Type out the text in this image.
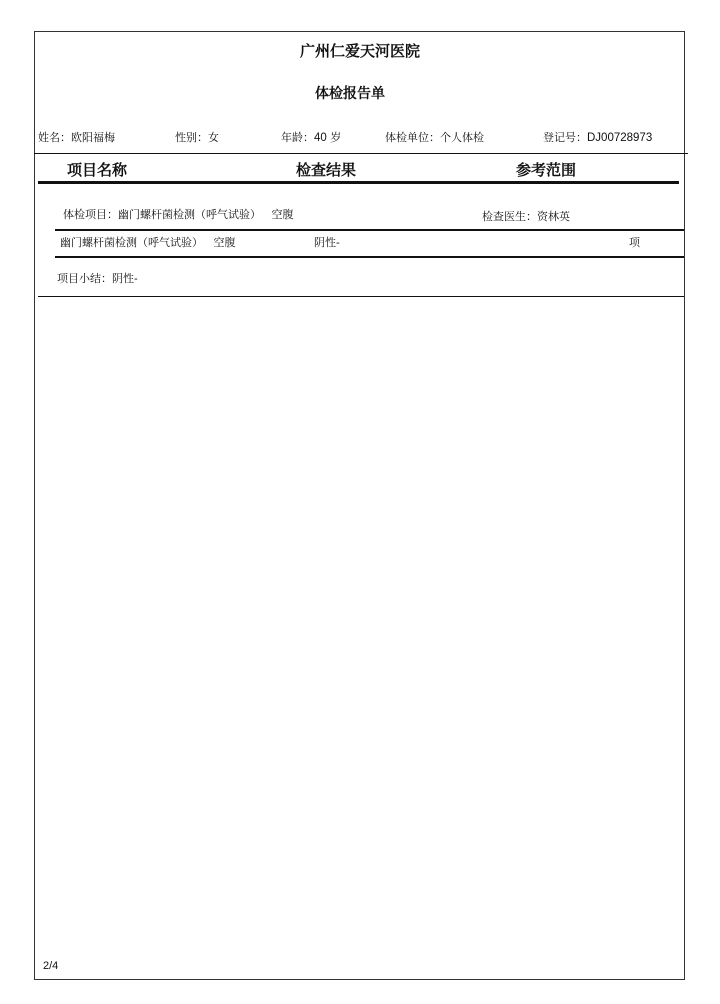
广州仁爱天河医院
体检报告单
姓名：欧阳福梅	性别：女	年龄：40 岁	体检单位：个人体检	登记号：DJ00728973
项目名称	检查结果	参考范围
体检项目：幽门螺杆菌检测（呼气试验） 空腹	检查医生：资林英
幽门螺杆菌检测（呼气试验） 空腹	阴性-	项
项目小结：阴性-
2/4
